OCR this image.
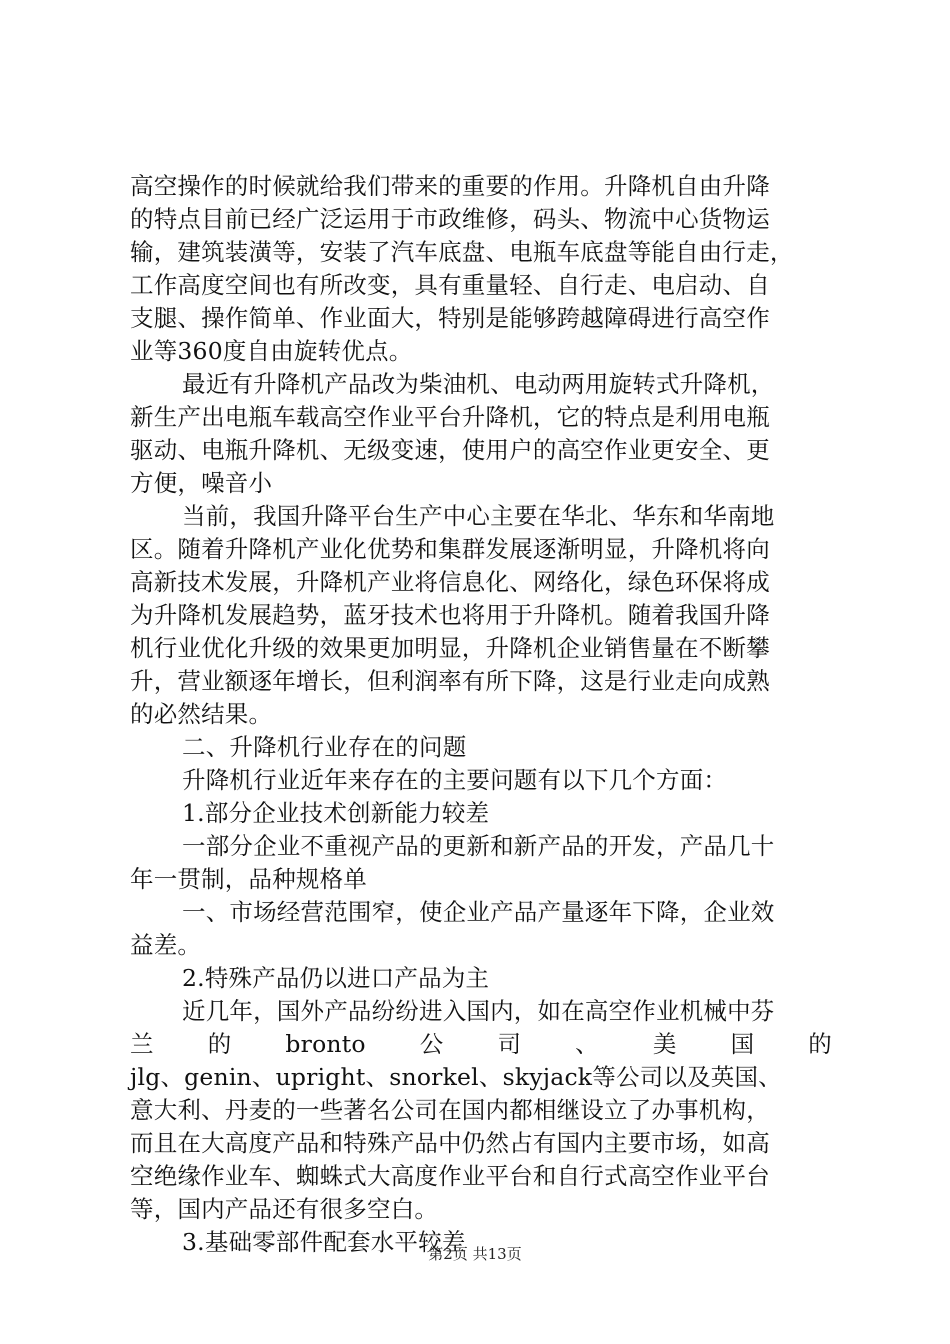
高空操作的时候就给我们带来的重要的作用。升降机自由升降
的特点目前已经广泛运用于市政维修，码头、物流中心货物运
输，建筑装潢等，安装了汽车底盘、电瓶车底盘等能自由行走，
工作高度空间也有所改变，具有重量轻、自行走、电启动、自
支腿、操作简单、作业面大，特别是能够跨越障碍进行高空作
业等360度自由旋转优点。
最近有升降机产品改为柴油机、电动两用旋转式升降机，
新生产出电瓶车载高空作业平台升降机，它的特点是利用电瓶
驱动、电瓶升降机、无级变速，使用户的高空作业更安全、更
方便，噪音小
当前，我国升降平台生产中心主要在华北、华东和华南地
区。随着升降机产业化优势和集群发展逐渐明显，升降机将向
高新技术发展，升降机产业将信息化、网络化，绿色环保将成
为升降机发展趋势，蓝牙技术也将用于升降机。随着我国升降
机行业优化升级的效果更加明显，升降机企业销售量在不断攀
升，营业额逐年增长，但利润率有所下降，这是行业走向成熟
的必然结果。
二、升降机行业存在的问题
升降机行业近年来存在的主要问题有以下几个方面：
1.部分企业技术创新能力较差
一部分企业不重视产品的更新和新产品的开发，产品几十
年一贯制，品种规格单
一、市场经营范围窄，使企业产品产量逐年下降，企业效
益差。
2.特殊产品仍以进口产品为主
近几年，国外产品纷纷进入国内，如在高空作业机械中芬
兰 的 bronto 公 司 、 美 国 的
jlg、genin、upright、snorkel、skyjack等公司以及英国、
意大利、丹麦的一些著名公司在国内都相继设立了办事机构，
而且在大高度产品和特殊产品中仍然占有国内主要市场，如高
空绝缘作业车、蜘蛛式大高度作业平台和自行式高空作业平台
等，国内产品还有很多空白。
3.基础零部件配套水平较差
第2页 共13页
